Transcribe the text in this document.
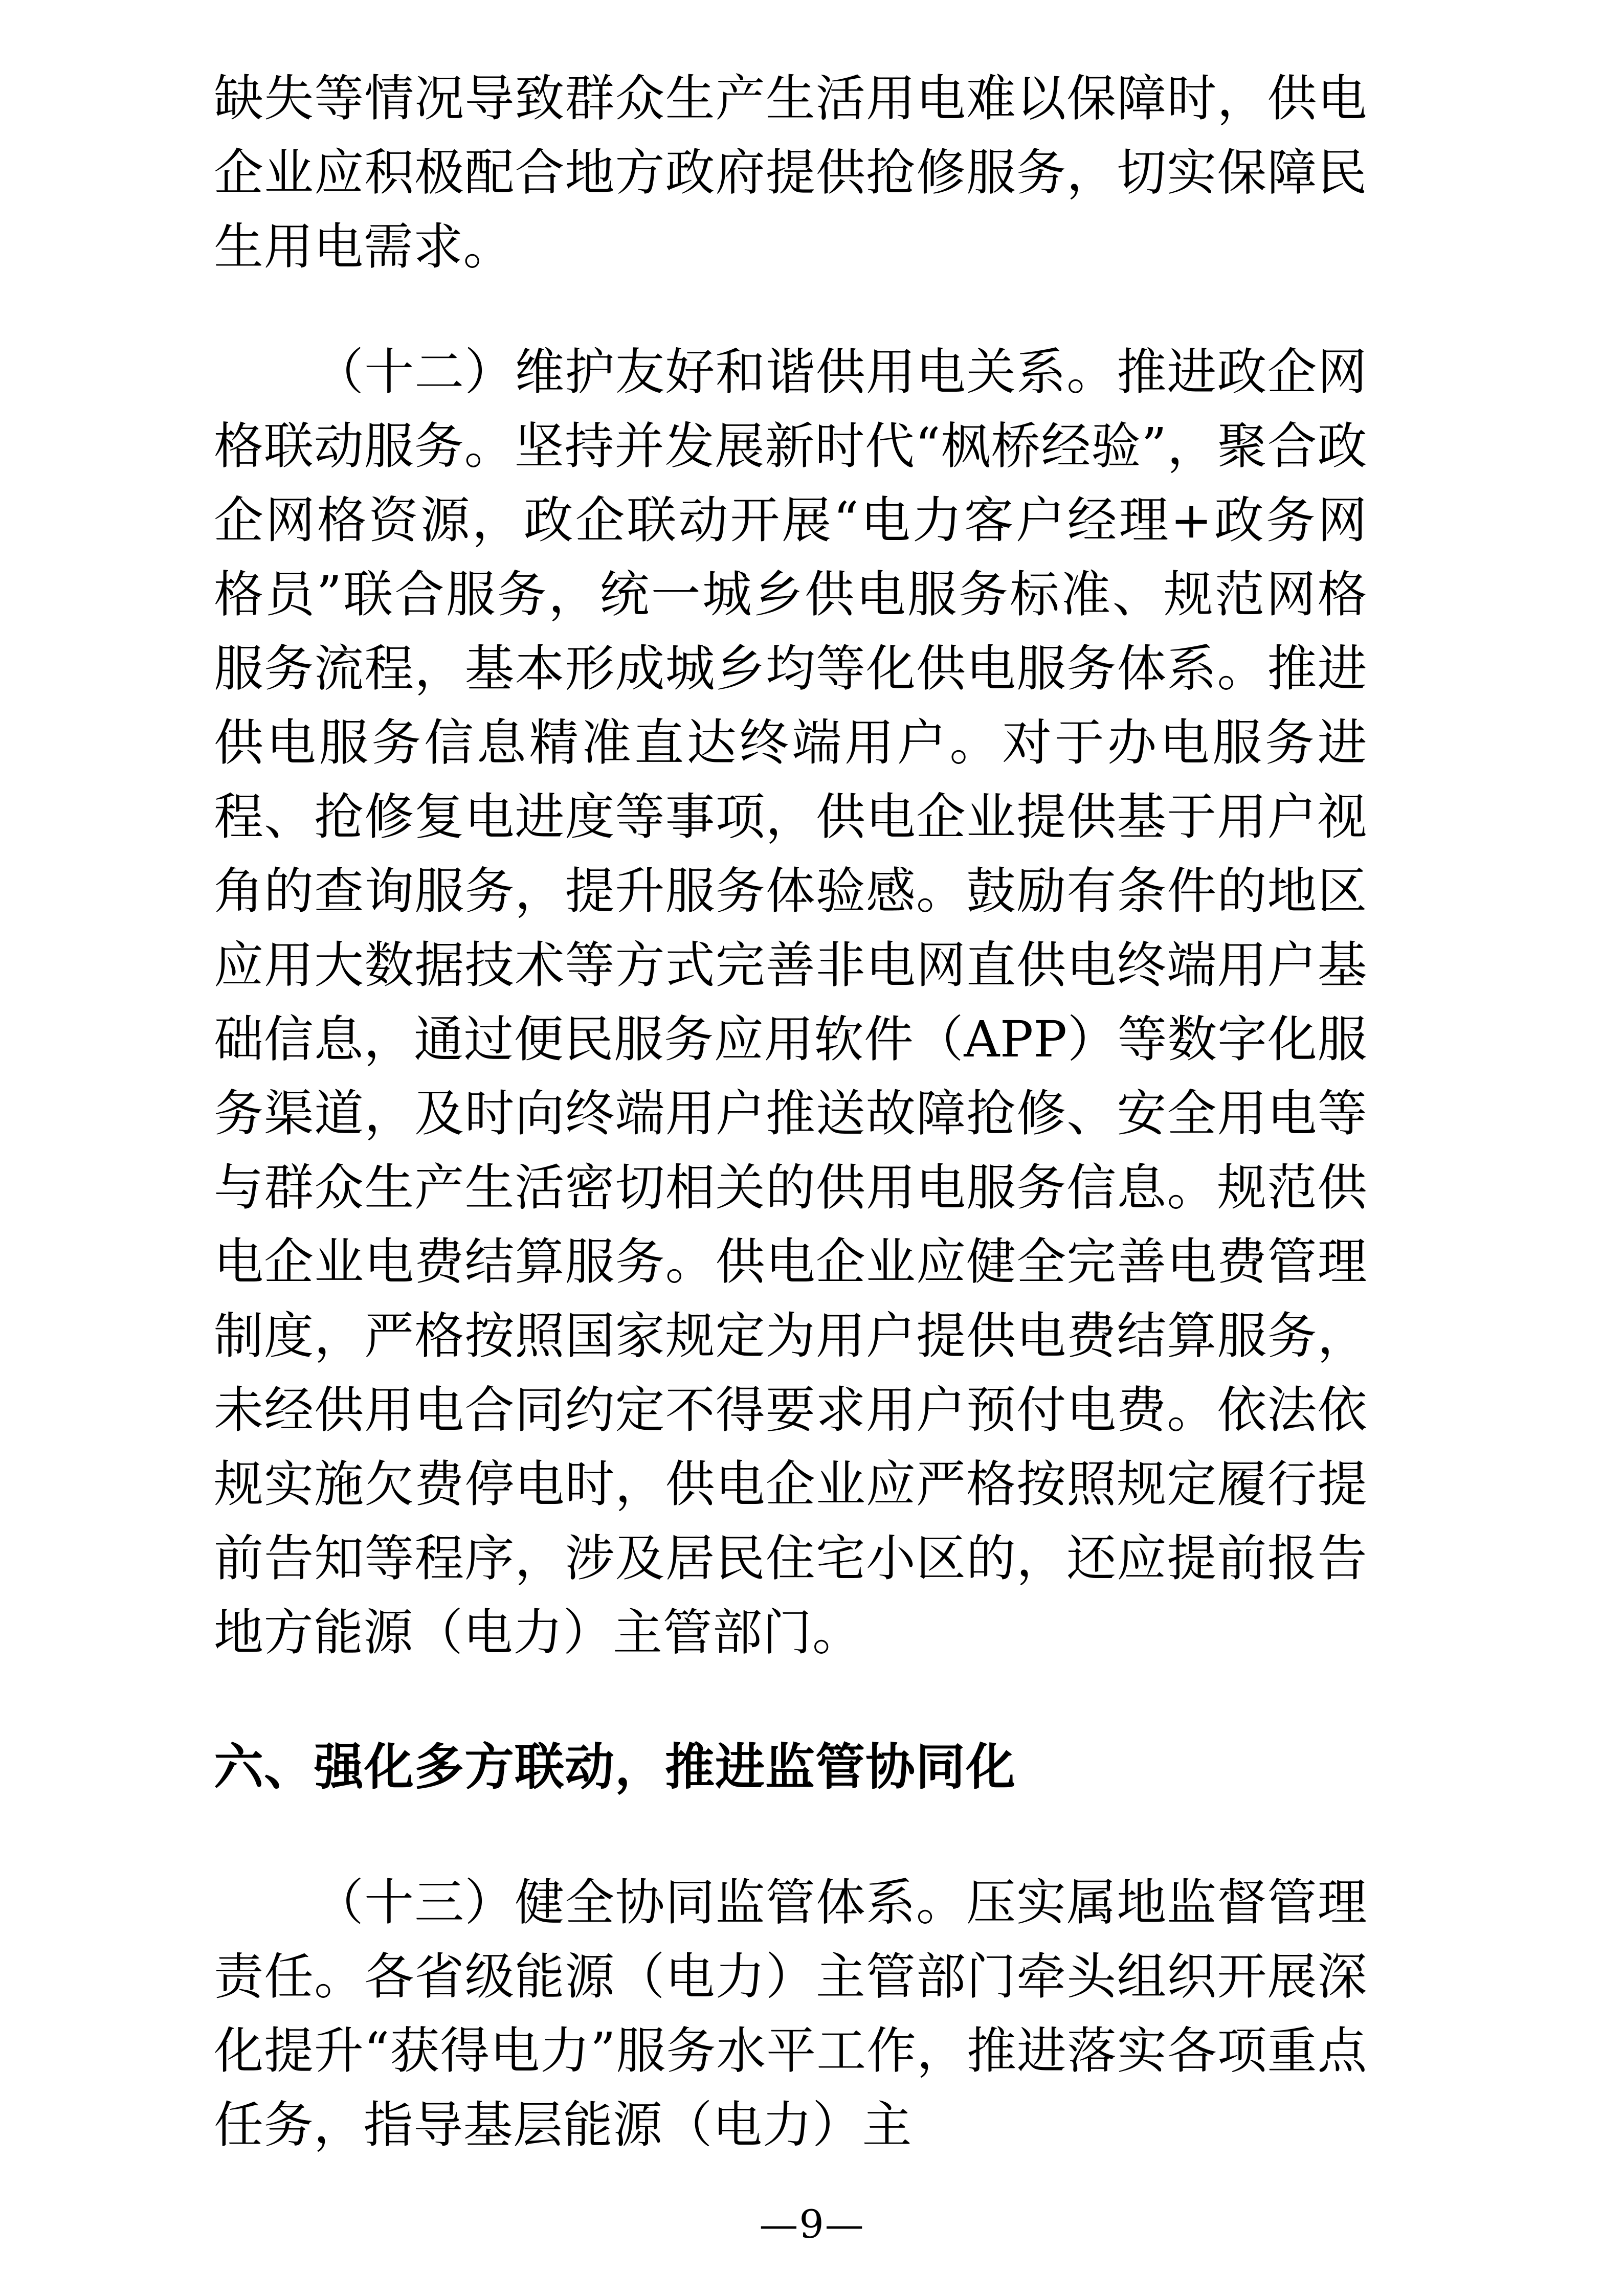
缺失等情况导致群众生产生活用电难以保障时，供电企业应积极配合地方政府提供抢修服务，切实保障民生用电需求。

（十二）维护友好和谐供用电关系。推进政企网格联动服务。坚持并发展新时代“枫桥经验”，聚合政企网格资源，政企联动开展“电力客户经理+政务网格员”联合服务，统一城乡供电服务标准、规范网格服务流程，基本形成城乡均等化供电服务体系。推进供电服务信息精准直达终端用户。对于办电服务进程、抢修复电进度等事项，供电企业提供基于用户视角的查询服务，提升服务体验感。鼓励有条件的地区应用大数据技术等方式完善非电网直供电终端用户基础信息，通过便民服务应用软件（APP）等数字化服务渠道，及时向终端用户推送故障抢修、安全用电等与群众生产生活密切相关的供用电服务信息。规范供电企业电费结算服务。供电企业应健全完善电费管理制度，严格按照国家规定为用户提供电费结算服务，未经供用电合同约定不得要求用户预付电费。依法依规实施欠费停电时，供电企业应严格按照规定履行提前告知等程序，涉及居民住宅小区的，还应提前报告地方能源（电力）主管部门。

六、强化多方联动，推进监管协同化

（十三）健全协同监管体系。压实属地监督管理责任。各省级能源（电力）主管部门牵头组织开展深化提升“获得电力”服务水平工作，推进落实各项重点任务，指导基层能源（电力）主

—9—
